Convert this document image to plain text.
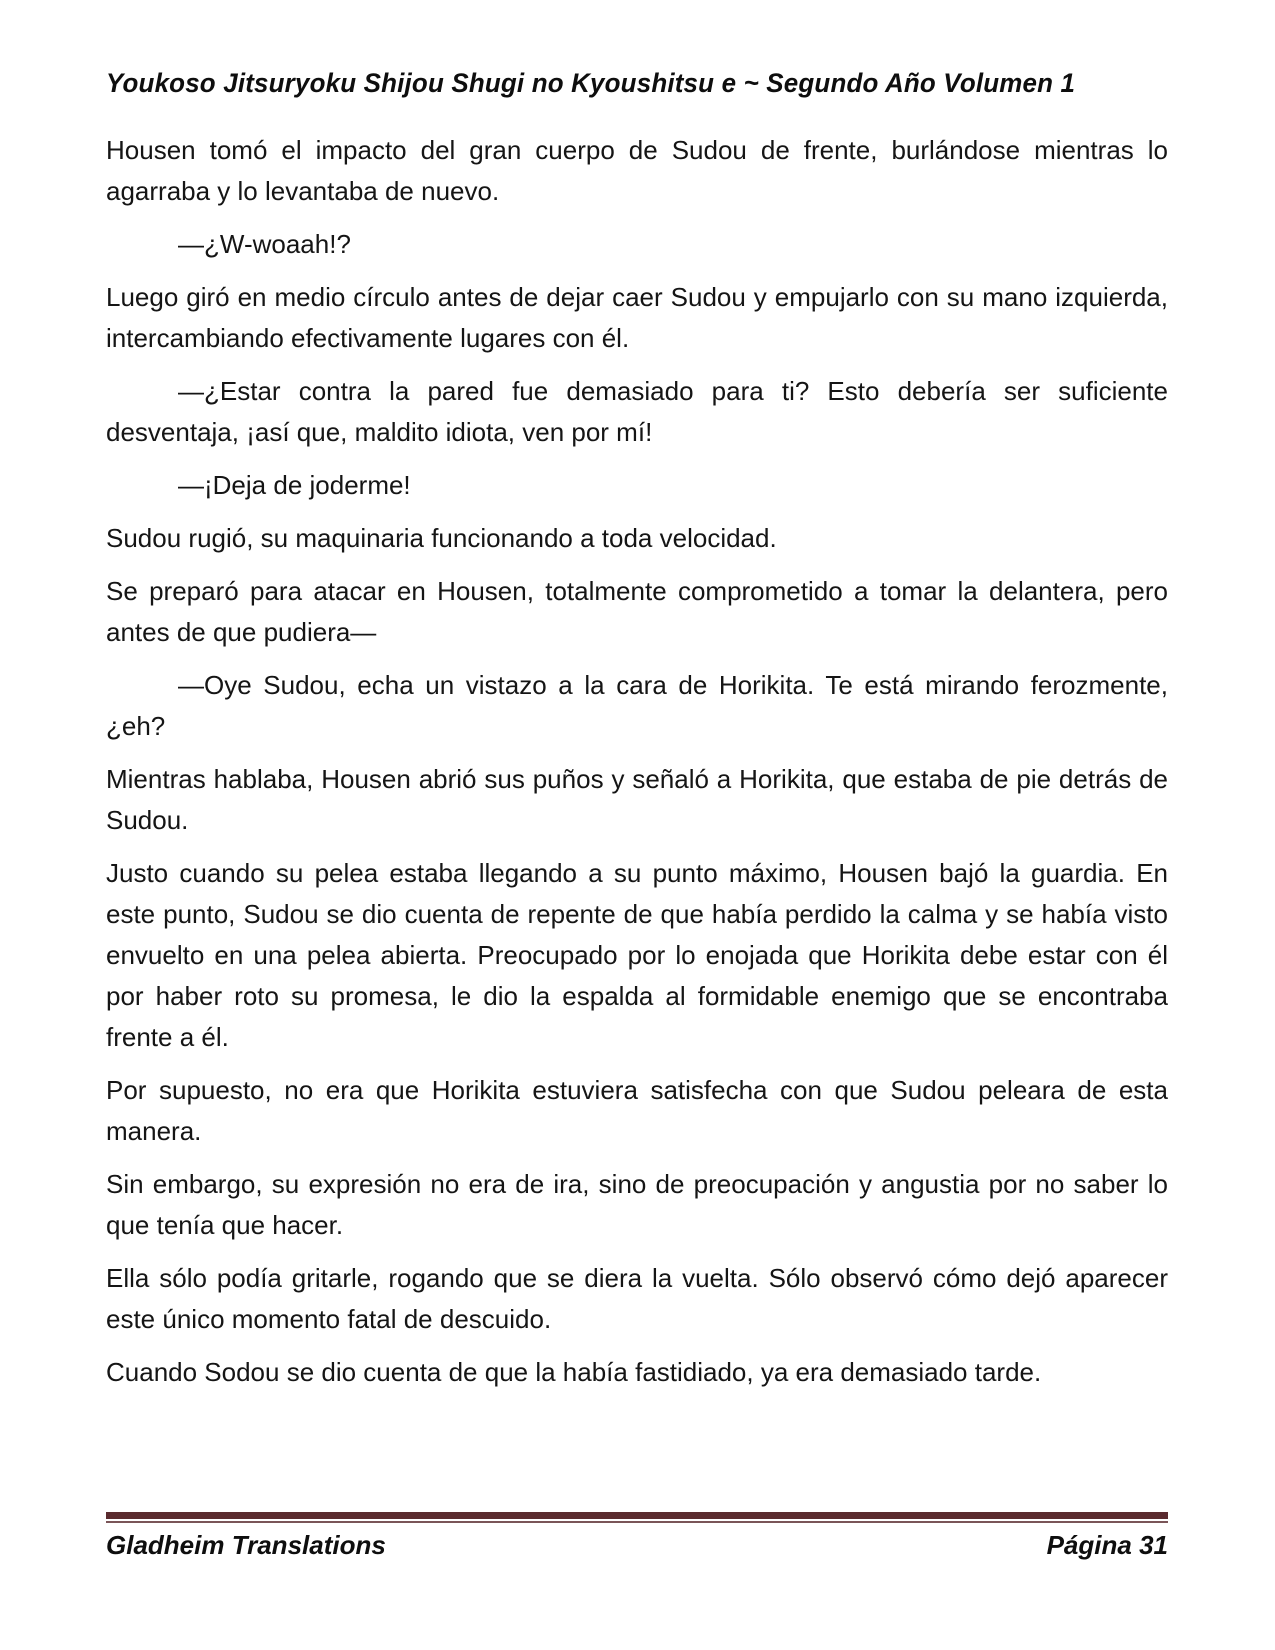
Youkoso Jitsuryoku Shijou Shugi no Kyoushitsu e ~ Segundo Año Volumen 1

Housen tomó el impacto del gran cuerpo de Sudou de frente, burlándose mientras lo agarraba y lo levantaba de nuevo.

—¿W-woaah!?

Luego giró en medio círculo antes de dejar caer Sudou y empujarlo con su mano izquierda, intercambiando efectivamente lugares con él.

—¿Estar contra la pared fue demasiado para ti? Esto debería ser suficiente desventaja, ¡así que, maldito idiota, ven por mí!

—¡Deja de joderme!

Sudou rugió, su maquinaria funcionando a toda velocidad.

Se preparó para atacar en Housen, totalmente comprometido a tomar la delantera, pero antes de que pudiera—

—Oye Sudou, echa un vistazo a la cara de Horikita. Te está mirando ferozmente, ¿eh?

Mientras hablaba, Housen abrió sus puños y señaló a Horikita, que estaba de pie detrás de Sudou.

Justo cuando su pelea estaba llegando a su punto máximo, Housen bajó la guardia. En este punto, Sudou se dio cuenta de repente de que había perdido la calma y se había visto envuelto en una pelea abierta. Preocupado por lo enojada que Horikita debe estar con él por haber roto su promesa, le dio la espalda al formidable enemigo que se encontraba frente a él.

Por supuesto, no era que Horikita estuviera satisfecha con que Sudou peleara de esta manera.

Sin embargo, su expresión no era de ira, sino de preocupación y angustia por no saber lo que tenía que hacer.

Ella sólo podía gritarle, rogando que se diera la vuelta. Sólo observó cómo dejó aparecer este único momento fatal de descuido.

Cuando Sodou se dio cuenta de que la había fastidiado, ya era demasiado tarde.

Gladheim Translations	Página 31
